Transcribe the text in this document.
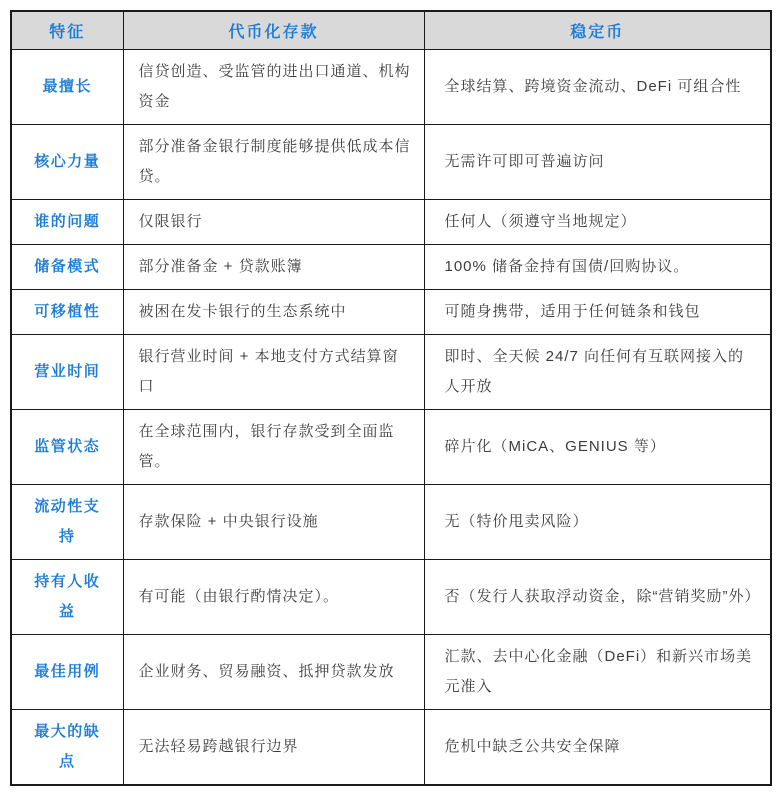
特征	代币化存款	稳定币
最擅长	信贷创造、受监管的进出口通道、机构资金	全球结算、跨境资金流动、DeFi 可组合性
核心力量	部分准备金银行制度能够提供低成本信贷。	无需许可即可普遍访问
谁的问题	仅限银行	任何人（须遵守当地规定）
储备模式	部分准备金 + 贷款账簿	100% 储备金持有国债/回购协议。
可移植性	被困在发卡银行的生态系统中	可随身携带，适用于任何链条和钱包
营业时间	银行营业时间 + 本地支付方式结算窗口	即时、全天候 24/7 向任何有互联网接入的人开放
监管状态	在全球范围内，银行存款受到全面监管。	碎片化（MiCA、GENIUS 等）
流动性支持	存款保险 + 中央银行设施	无（特价甩卖风险）
持有人收益	有可能（由银行酌情决定）。	否（发行人获取浮动资金，除“营销奖励”外）
最佳用例	企业财务、贸易融资、抵押贷款发放	汇款、去中心化金融（DeFi）和新兴市场美元准入
最大的缺点	无法轻易跨越银行边界	危机中缺乏公共安全保障
